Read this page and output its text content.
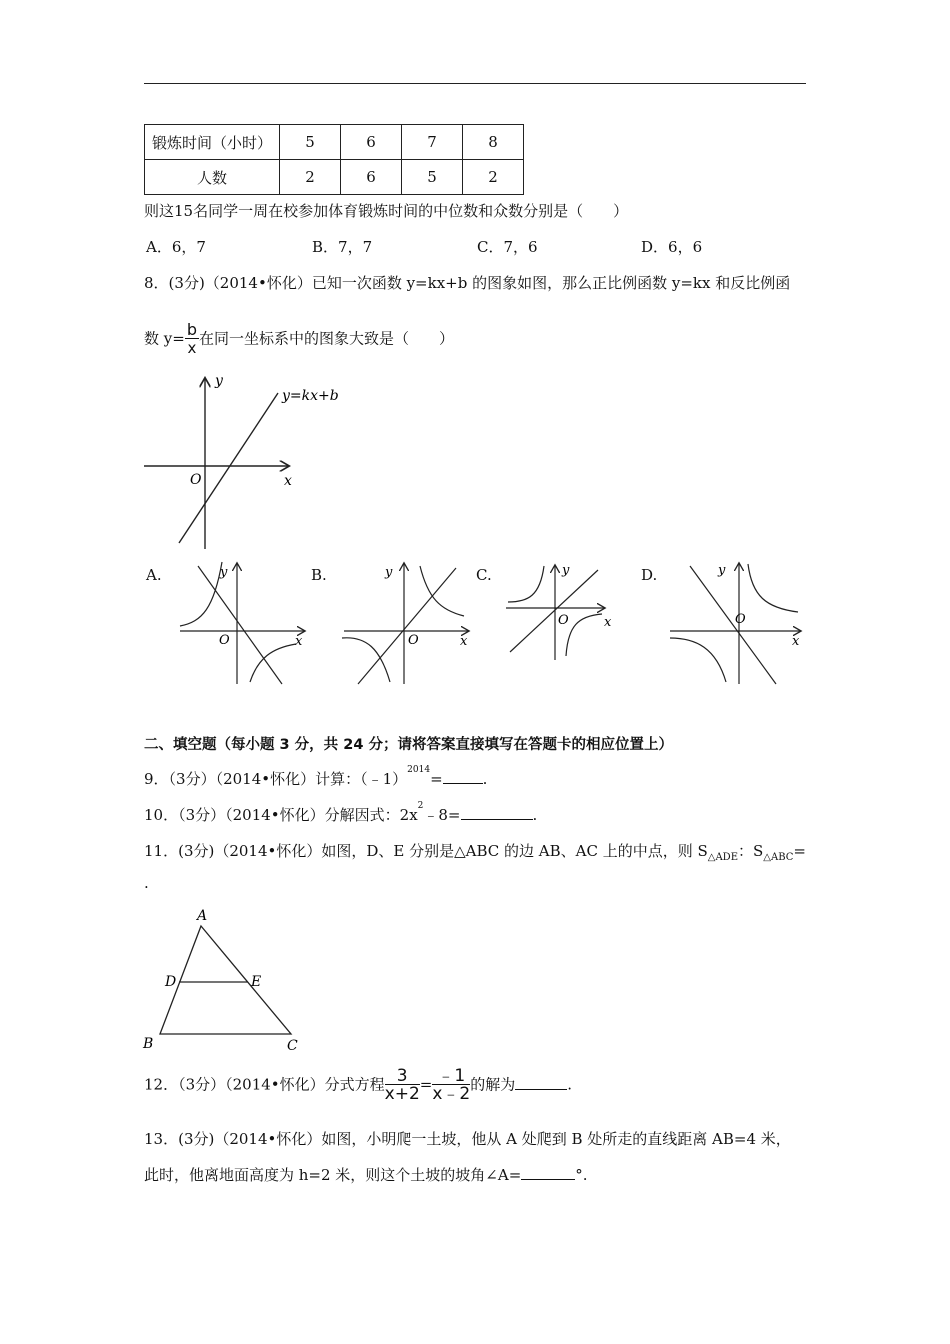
锻炼时间（小时）	5	6	7	8
人数	2	6	5	2
则这15名同学一周在校参加体育锻炼时间的中位数和众数分别是（　　）
A．6，7	B．7，7	C．7，6	D．6，6
8．(3分)（2014•怀化）已知一次函数 y=kx+b 的图象如图，那么正比例函数 y=kx 和反比例函
数 $y= \frac{b}{x}$ 在同一坐标系中的图象大致是（　　）
y=kx+b
y
x
O
A.	B.	C.	D.
y
x
O
y
x
O
y
x
O
y
x
O
二、填空题（每小题 3 分，共 24 分；请将答案直接填写在答题卡的相应位置上）
9．（3分）（2014•怀化）计算：（﹣1）$^{2014}$=	.
10．（3分）（2014•怀化）分解因式：$2x^2﹣8=$	.
11．(3分)（2014•怀化）如图，D、E 分别是△ABC 的边 AB、AC 上的中点，则 $S_{\triangle ADE}$：$S_{\triangle ABC}=$
.
A
D	E
B	C
12．（3分）（2014•怀化）分式方程 $\frac{3}{x+2} = \frac{﹣1}{x﹣2}$ 的解为	.
13．(3分)（2014•怀化）如图，小明爬一土坡，他从 A 处爬到 B 处所走的直线距离 AB=4 米，
此时，他离地面高度为 h=2 米，则这个土坡的坡角∠A=	°.
